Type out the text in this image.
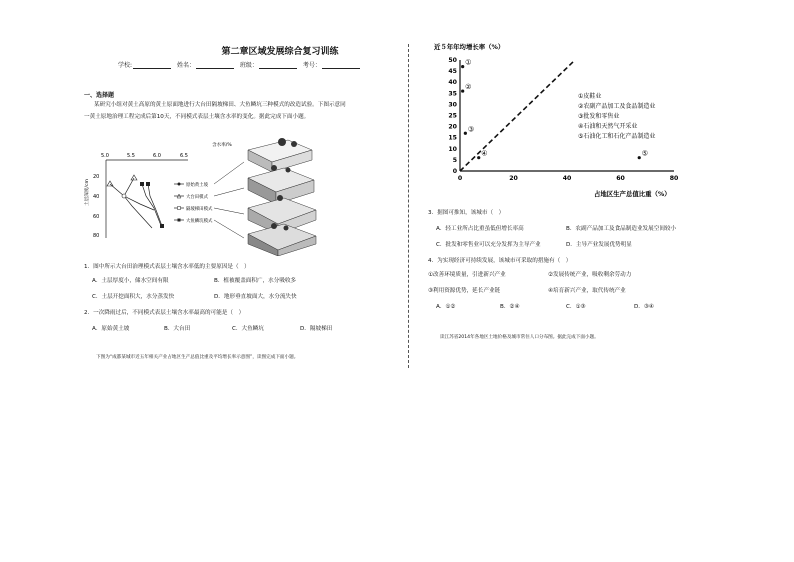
第二章区域发展综合复习训练
学校:	姓名：	班级：	考号：
一、选择题
某研究小组对黄土高原的黄土原面地进行大台田隔坡梯田、大鱼鳞坑三种模式的改造试验。下图示意同
一黄土原地治理工程完成后第10天，不同模式表层土壤含水率的变化。据此完成下面小题。
含水率/%
5.0	5.5	6.0	6.5
20
40
60
80
土层深度/cm	原始黄土坡
大台田模式
隔坡梯田模式
大鱼鳞坑模式
1．图中所示大台田治理模式表层土壤含水率低的主要原因是（　）
A．土层厚度小，储水空间有限	B．植被覆盖面积广，水分吸收多
C．土层开挖面积大，水分蒸发快	D．地形垂直坡面大，水分流失快
2．一次降雨过后，不同模式表层土壤含水率最高的可能是（　）
A．原始黄土坡	B．大台田	C．大鱼鳞坑	D．隔坡梯田
下图为“成都某城市近五年相关产业占地区生产总值比重及平均增长率示意图”，读图完成下面小题。
近５年年均增长率（%）
0
5
10
15
20
25
30
35
40
45
50
0	20	40	60	80
①
②
③
④	⑤
①皮鞋业
②农副产品加工及食品制造业
③批发和零售业
④石油和天然气开采业
⑤石油化工和石化产品制造业
占地区生产总值比重（%）
3．据图可推知，该城市（　）
A．轻工业所占比重虽低但增长率高	B．农副产品加工及食品制造业发展空间较小
C．批发和零售业可以充分发挥为主导产业	D．主导产业发展优势明显
4．为实现经济可持续发展，该城市可采取的措施有（　）
①改善环境质量，引进新兴产业	②发展传统产业，吸收剩余劳动力
③利用资源优势，延长产业链	④培育新兴产业，取代传统产业
A．①②	B．②④	C．①③	D．③④
读江苏省2014年各地区土地价格及城市常住人口分布图。据此完成下面小题。
